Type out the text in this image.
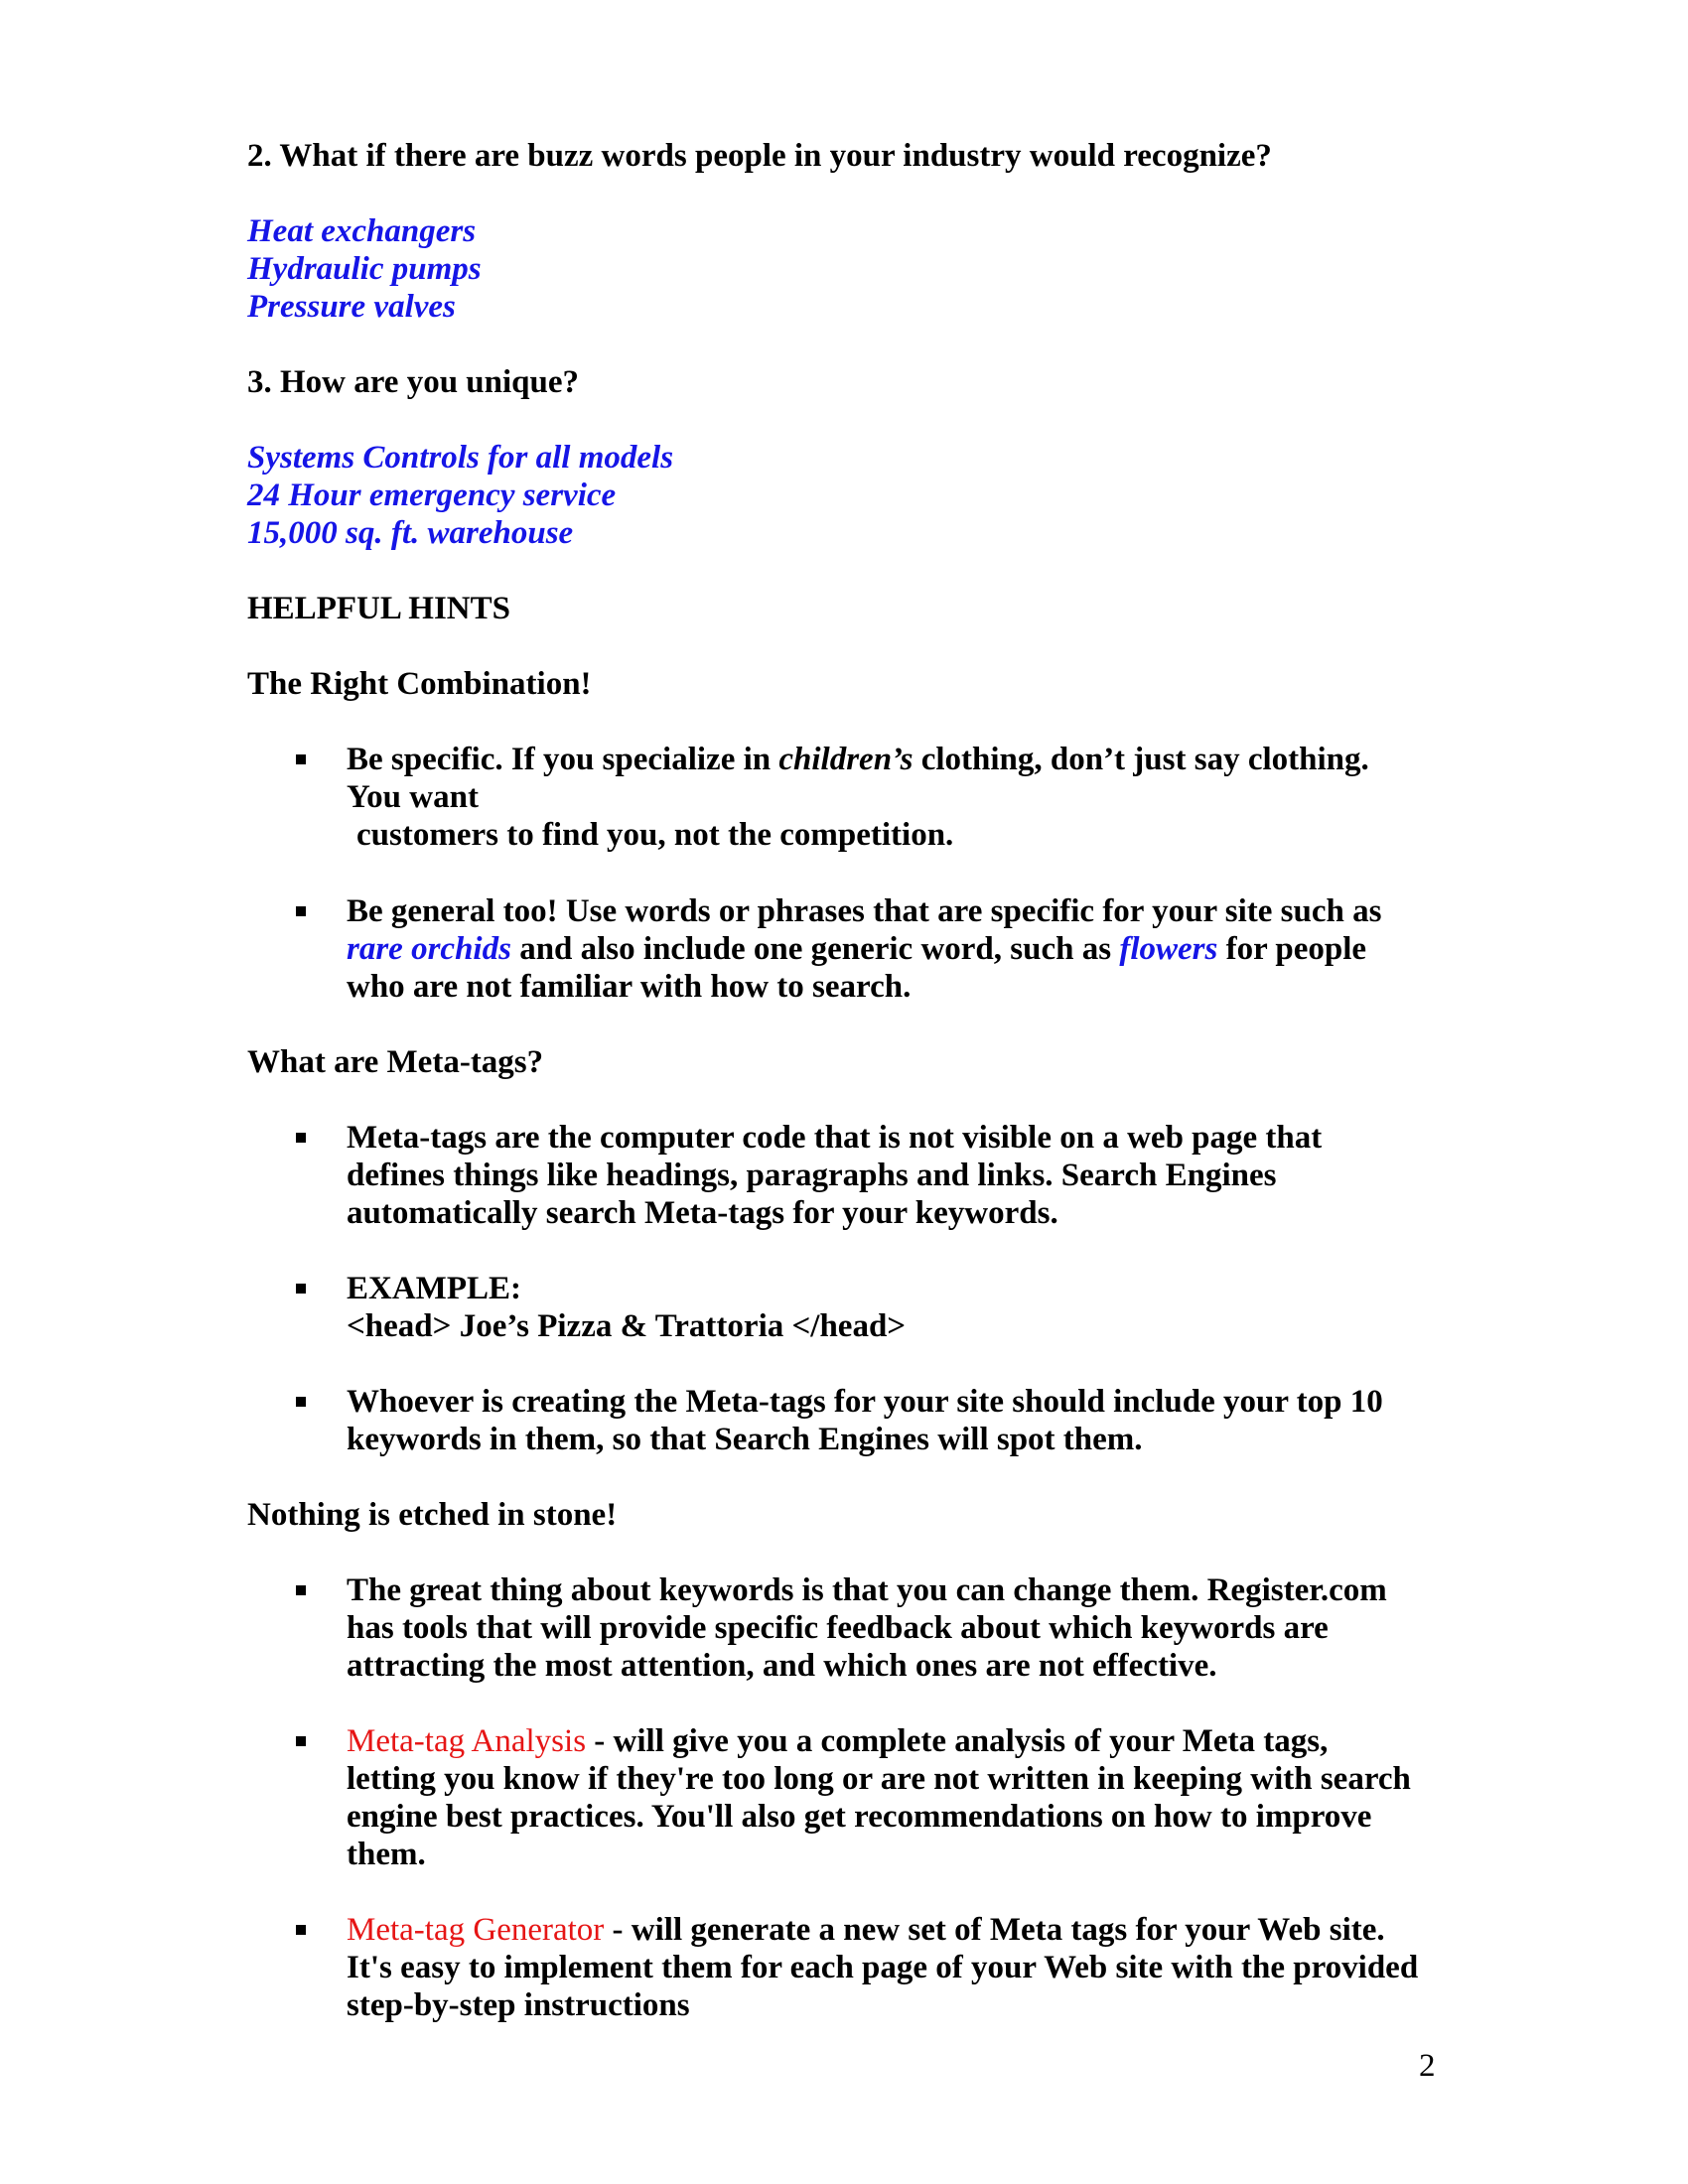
2. What if there are buzz words people in your industry would recognize?
Heat exchangers
Hydraulic pumps
Pressure valves
3. How are you unique?
Systems Controls for all models
24 Hour emergency service
15,000 sq. ft. warehouse
HELPFUL HINTS
The Right Combination!
Be specific. If you specialize in children’s clothing, don’t just say clothing.
You want
customers to find you, not the competition.
Be general too! Use words or phrases that are specific for your site such as
rare orchids and also include one generic word, such as flowers for people
who are not familiar with how to search.
What are Meta-tags?
Meta-tags are the computer code that is not visible on a web page that
defines things like headings, paragraphs and links. Search Engines
automatically search Meta-tags for your keywords.
EXAMPLE:
<head> Joe’s Pizza & Trattoria </head>
Whoever is creating the Meta-tags for your site should include your top 10
keywords in them, so that Search Engines will spot them.
Nothing is etched in stone!
The great thing about keywords is that you can change them. Register.com
has tools that will provide specific feedback about which keywords are
attracting the most attention, and which ones are not effective.
Meta-tag Analysis - will give you a complete analysis of your Meta tags,
letting you know if they're too long or are not written in keeping with search
engine best practices. You'll also get recommendations on how to improve
them.
Meta-tag Generator - will generate a new set of Meta tags for your Web site.
It's easy to implement them for each page of your Web site with the provided
step-by-step instructions
2
